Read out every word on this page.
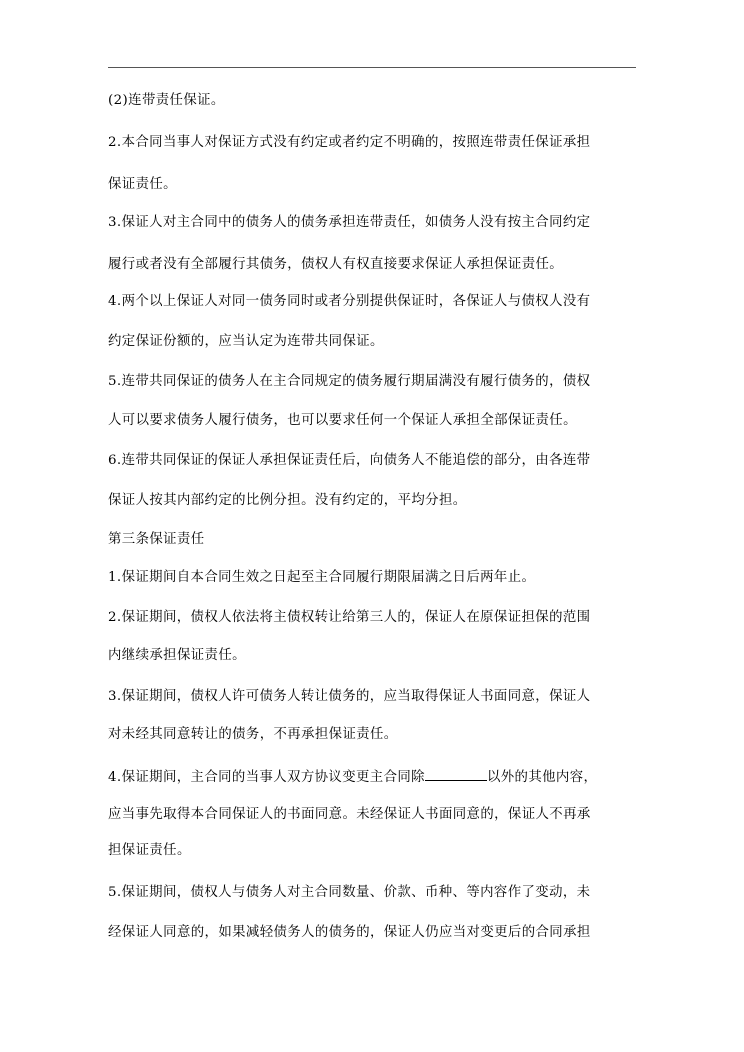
(2)连带责任保证。
2.本合同当事人对保证方式没有约定或者约定不明确的，按照连带责任保证承担
保证责任。
3.保证人对主合同中的债务人的债务承担连带责任，如债务人没有按主合同约定
履行或者没有全部履行其债务，债权人有权直接要求保证人承担保证责任。
4.两个以上保证人对同一债务同时或者分别提供保证时，各保证人与债权人没有
约定保证份额的，应当认定为连带共同保证。
5.连带共同保证的债务人在主合同规定的债务履行期届满没有履行债务的，债权
人可以要求债务人履行债务，也可以要求任何一个保证人承担全部保证责任。
6.连带共同保证的保证人承担保证责任后，向债务人不能追偿的部分，由各连带
保证人按其内部约定的比例分担。没有约定的，平均分担。
第三条保证责任
1.保证期间自本合同生效之日起至主合同履行期限届满之日后两年止。
2.保证期间，债权人依法将主债权转让给第三人的，保证人在原保证担保的范围
内继续承担保证责任。
3.保证期间，债权人许可债务人转让债务的，应当取得保证人书面同意，保证人
对未经其同意转让的债务，不再承担保证责任。
4.保证期间，主合同的当事人双方协议变更主合同除	以外的其他内容，
应当事先取得本合同保证人的书面同意。未经保证人书面同意的，保证人不再承
担保证责任。
5.保证期间，债权人与债务人对主合同数量、价款、币种、等内容作了变动，未
经保证人同意的，如果减轻债务人的债务的，保证人仍应当对变更后的合同承担
